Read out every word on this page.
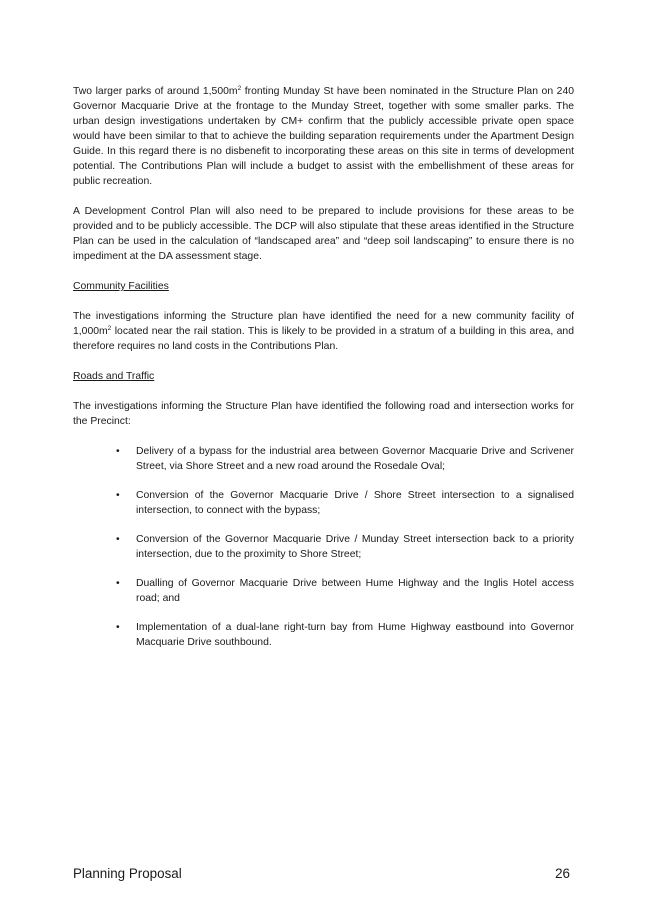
Two larger parks of around $1,500m^2$ fronting Munday St have been nominated in the Structure Plan on 240 Governor Macquarie Drive at the frontage to the Munday Street, together with some smaller parks. The urban design investigations undertaken by CM+ confirm that the publicly accessible private open space would have been similar to that to achieve the building separation requirements under the Apartment Design Guide. In this regard there is no disbenefit to incorporating these areas on this site in terms of development potential. The Contributions Plan will include a budget to assist with the embellishment of these areas for public recreation.

A Development Control Plan will also need to be prepared to include provisions for these areas to be provided and to be publicly accessible. The DCP will also stipulate that these areas identified in the Structure Plan can be used in the calculation of “landscaped area” and “deep soil landscaping” to ensure there is no impediment at the DA assessment stage.

Community Facilities

The investigations informing the Structure plan have identified the need for a new community facility of $1,000m^2$ located near the rail station. This is likely to be provided in a stratum of a building in this area, and therefore requires no land costs in the Contributions Plan.

Roads and Traffic

The investigations informing the Structure Plan have identified the following road and intersection works for the Precinct:

• Delivery of a bypass for the industrial area between Governor Macquarie Drive and Scrivener Street, via Shore Street and a new road around the Rosedale Oval;
• Conversion of the Governor Macquarie Drive / Shore Street intersection to a signalised intersection, to connect with the bypass;
• Conversion of the Governor Macquarie Drive / Munday Street intersection back to a priority intersection, due to the proximity to Shore Street;
• Dualling of Governor Macquarie Drive between Hume Highway and the Inglis Hotel access road; and
• Implementation of a dual-lane right-turn bay from Hume Highway eastbound into Governor Macquarie Drive southbound.
Planning Proposal	26
